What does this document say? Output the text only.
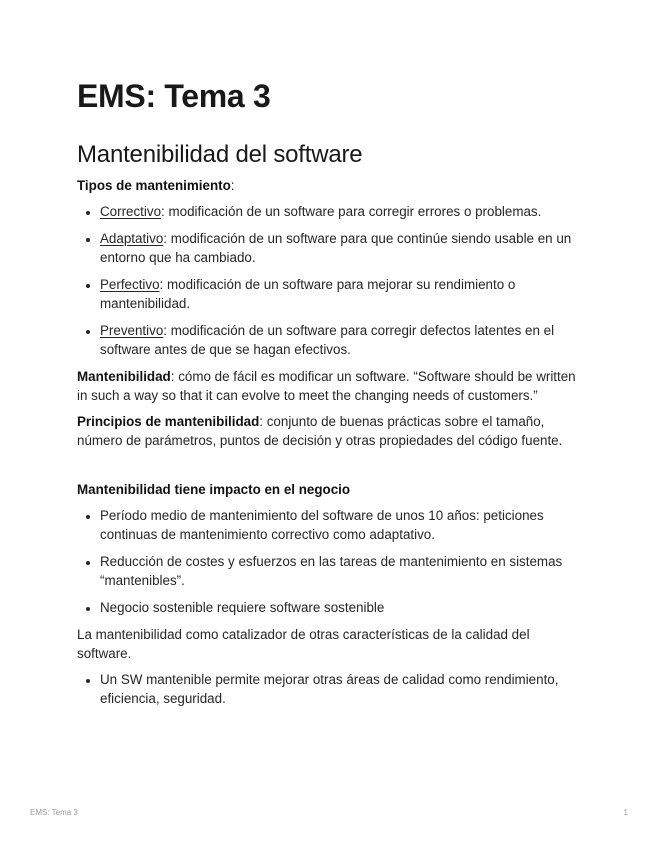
EMS: Tema 3
Mantenibilidad del software

Tipos de mantenimiento:

• Correctivo: modificación de un software para corregir errores o problemas.
• Adaptativo: modificación de un software para que continúe siendo usable en un entorno que ha cambiado.
• Perfectivo: modificación de un software para mejorar su rendimiento o mantenibilidad.
• Preventivo: modificación de un software para corregir defectos latentes en el software antes de que se hagan efectivos.

Mantenibilidad: cómo de fácil es modificar un software. “Software should be written in such a way so that it can evolve to meet the changing needs of customers.”

Principios de mantenibilidad: conjunto de buenas prácticas sobre el tamaño, número de parámetros, puntos de decisión y otras propiedades del código fuente.

Mantenibilidad tiene impacto en el negocio

• Período medio de mantenimiento del software de unos 10 años: peticiones continuas de mantenimiento correctivo como adaptativo.
• Reducción de costes y esfuerzos en las tareas de mantenimiento en sistemas “mantenibles”.
• Negocio sostenible requiere software sostenible

La mantenibilidad como catalizador de otras características de la calidad del software.

• Un SW mantenible permite mejorar otras áreas de calidad como rendimiento, eficiencia, seguridad.
EMS: Tema 3	1
